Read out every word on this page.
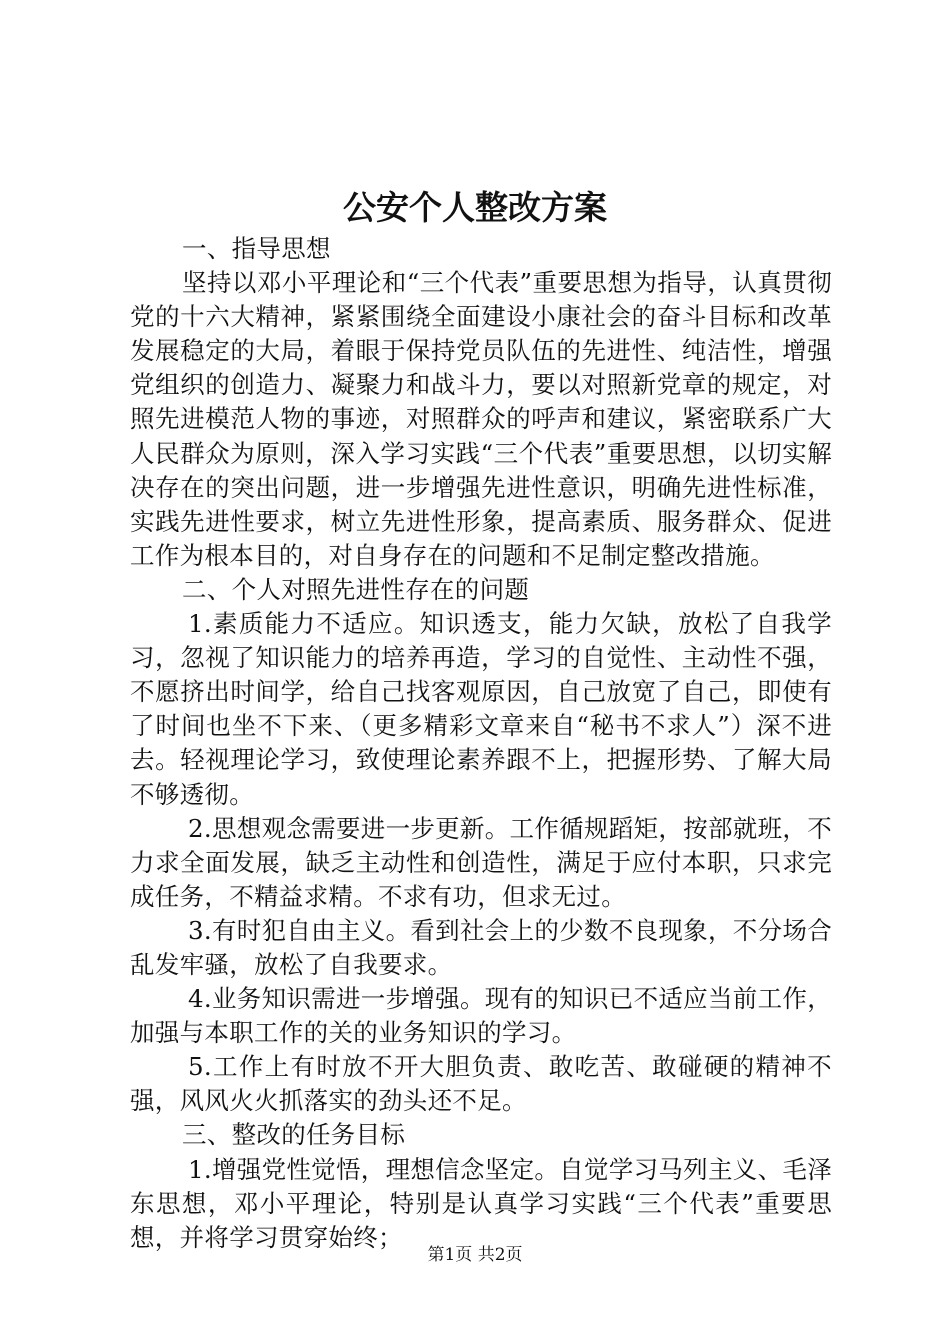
公安个人整改方案

一、指导思想

坚持以邓小平理论和“三个代表”重要思想为指导，认真贯彻党的十六大精神，紧紧围绕全面建设小康社会的奋斗目标和改革发展稳定的大局，着眼于保持党员队伍的先进性、纯洁性，增强党组织的创造力、凝聚力和战斗力，要以对照新党章的规定，对照先进模范人物的事迹，对照群众的呼声和建议，紧密联系广大人民群众为原则，深入学习实践“三个代表”重要思想，以切实解决存在的突出问题，进一步增强先进性意识，明确先进性标准，实践先进性要求，树立先进性形象，提高素质、服务群众、促进工作为根本目的，对自身存在的问题和不足制定整改措施。

二、个人对照先进性存在的问题

1.素质能力不适应。知识透支，能力欠缺，放松了自我学习，忽视了知识能力的培养再造，学习的自觉性、主动性不强，不愿挤出时间学，给自己找客观原因，自己放宽了自己，即使有了时间也坐不下来、（更多精彩文章来自“秘书不求人”）深不进去。轻视理论学习，致使理论素养跟不上，把握形势、了解大局不够透彻。

2.思想观念需要进一步更新。工作循规蹈矩，按部就班，不力求全面发展，缺乏主动性和创造性，满足于应付本职，只求完成任务，不精益求精。不求有功，但求无过。

3.有时犯自由主义。看到社会上的少数不良现象，不分场合乱发牢骚，放松了自我要求。

4.业务知识需进一步增强。现有的知识已不适应当前工作，加强与本职工作的关的业务知识的学习。

5.工作上有时放不开大胆负责、敢吃苦、敢碰硬的精神不强，风风火火抓落实的劲头还不足。

三、整改的任务目标

1.增强党性觉悟，理想信念坚定。自觉学习马列主义、毛泽东思想，邓小平理论，特别是认真学习实践“三个代表”重要思想，并将学习贯穿始终；

第1页 共2页
